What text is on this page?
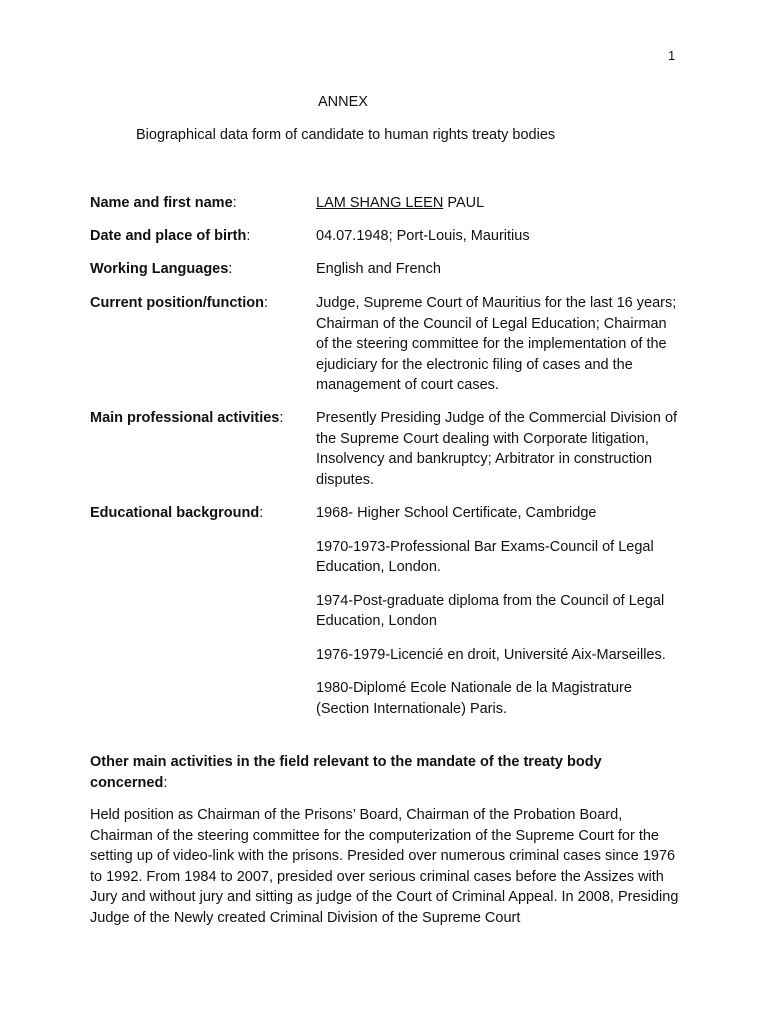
1
ANNEX
Biographical data form of candidate to human rights treaty bodies
Name and first name:	LAM SHANG LEEN PAUL
Date and place of birth:	04.07.1948; Port-Louis, Mauritius
Working Languages:	English and French
Current position/function:	Judge, Supreme Court of Mauritius for the last 16 years; Chairman of the Council of Legal Education; Chairman of the steering committee for the implementation of the ejudiciary for the electronic filing of cases and the management of court cases.
Main professional activities:	Presently Presiding Judge of the Commercial Division of the Supreme Court dealing with Corporate litigation, Insolvency and bankruptcy; Arbitrator in construction disputes.
Educational background:	1968- Higher School Certificate, Cambridge

1970-1973-Professional Bar Exams-Council of Legal Education, London.

1974-Post-graduate diploma from the Council of Legal Education, London

1976-1979-Licencié en droit, Université Aix-Marseilles.

1980-Diplomé Ecole Nationale de la Magistrature (Section Internationale) Paris.

Other main activities in the field relevant to the mandate of the treaty body concerned:
Held position as Chairman of the Prisons’ Board, Chairman of the Probation Board, Chairman of the steering committee for the computerization of the Supreme Court for the setting up of video-link with the prisons. Presided over numerous criminal cases since 1976 to 1992. From 1984 to 2007, presided over serious criminal cases before the Assizes with Jury and without jury and sitting as judge of the Court of Criminal Appeal. In 2008, Presiding Judge of the Newly created Criminal Division of the Supreme Court
